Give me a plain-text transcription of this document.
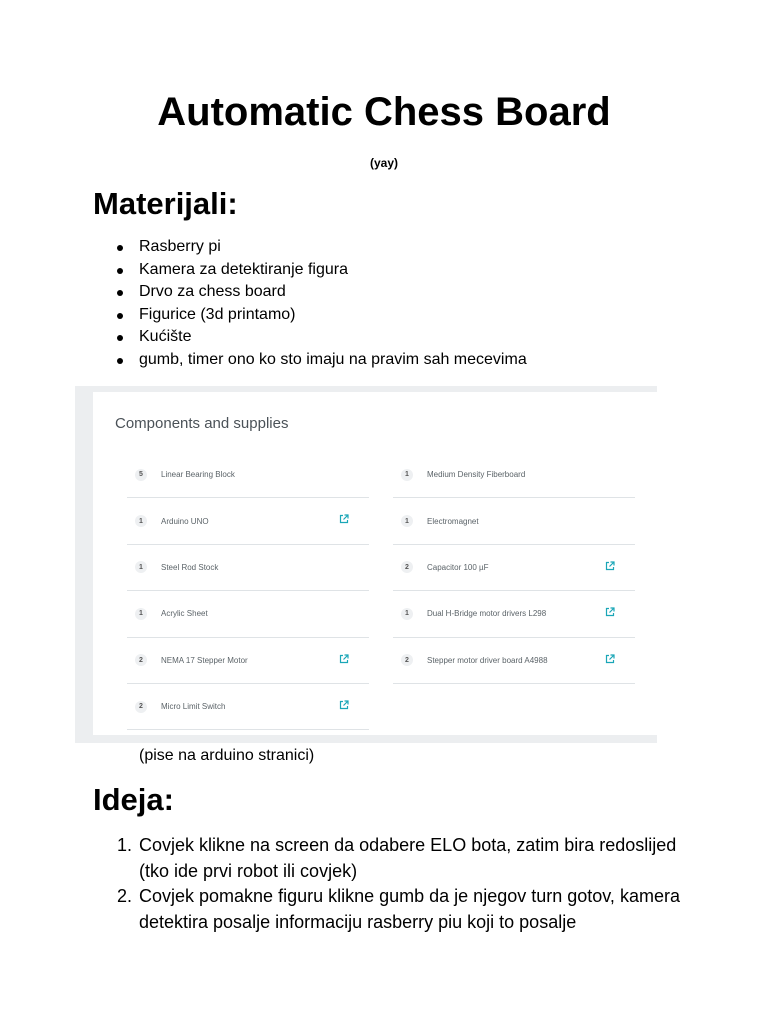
Automatic Chess Board
(yay)
Materijali:
Rasberry pi
Kamera za detektiranje figura
Drvo za chess board
Figurice (3d printamo)
Kućište
gumb, timer ono ko sto imaju na pravim sah mecevima
Components and supplies
5	Linear Bearing Block
1	Arduino UNO
1	Steel Rod Stock
1	Acrylic Sheet
2	NEMA 17 Stepper Motor
2	Micro Limit Switch
1	Medium Density Fiberboard
1	Electromagnet
2	Capacitor 100 µF
1	Dual H-Bridge motor drivers L298
2	Stepper motor driver board A4988
(pise na arduino stranici)
Ideja:
1. Covjek klikne na screen da odabere ELO bota, zatim bira redoslijed (tko ide prvi robot ili covjek)
2. Covjek pomakne figuru klikne gumb da je njegov turn gotov, kamera detektira posalje informaciju rasberry piu koji to posalje
